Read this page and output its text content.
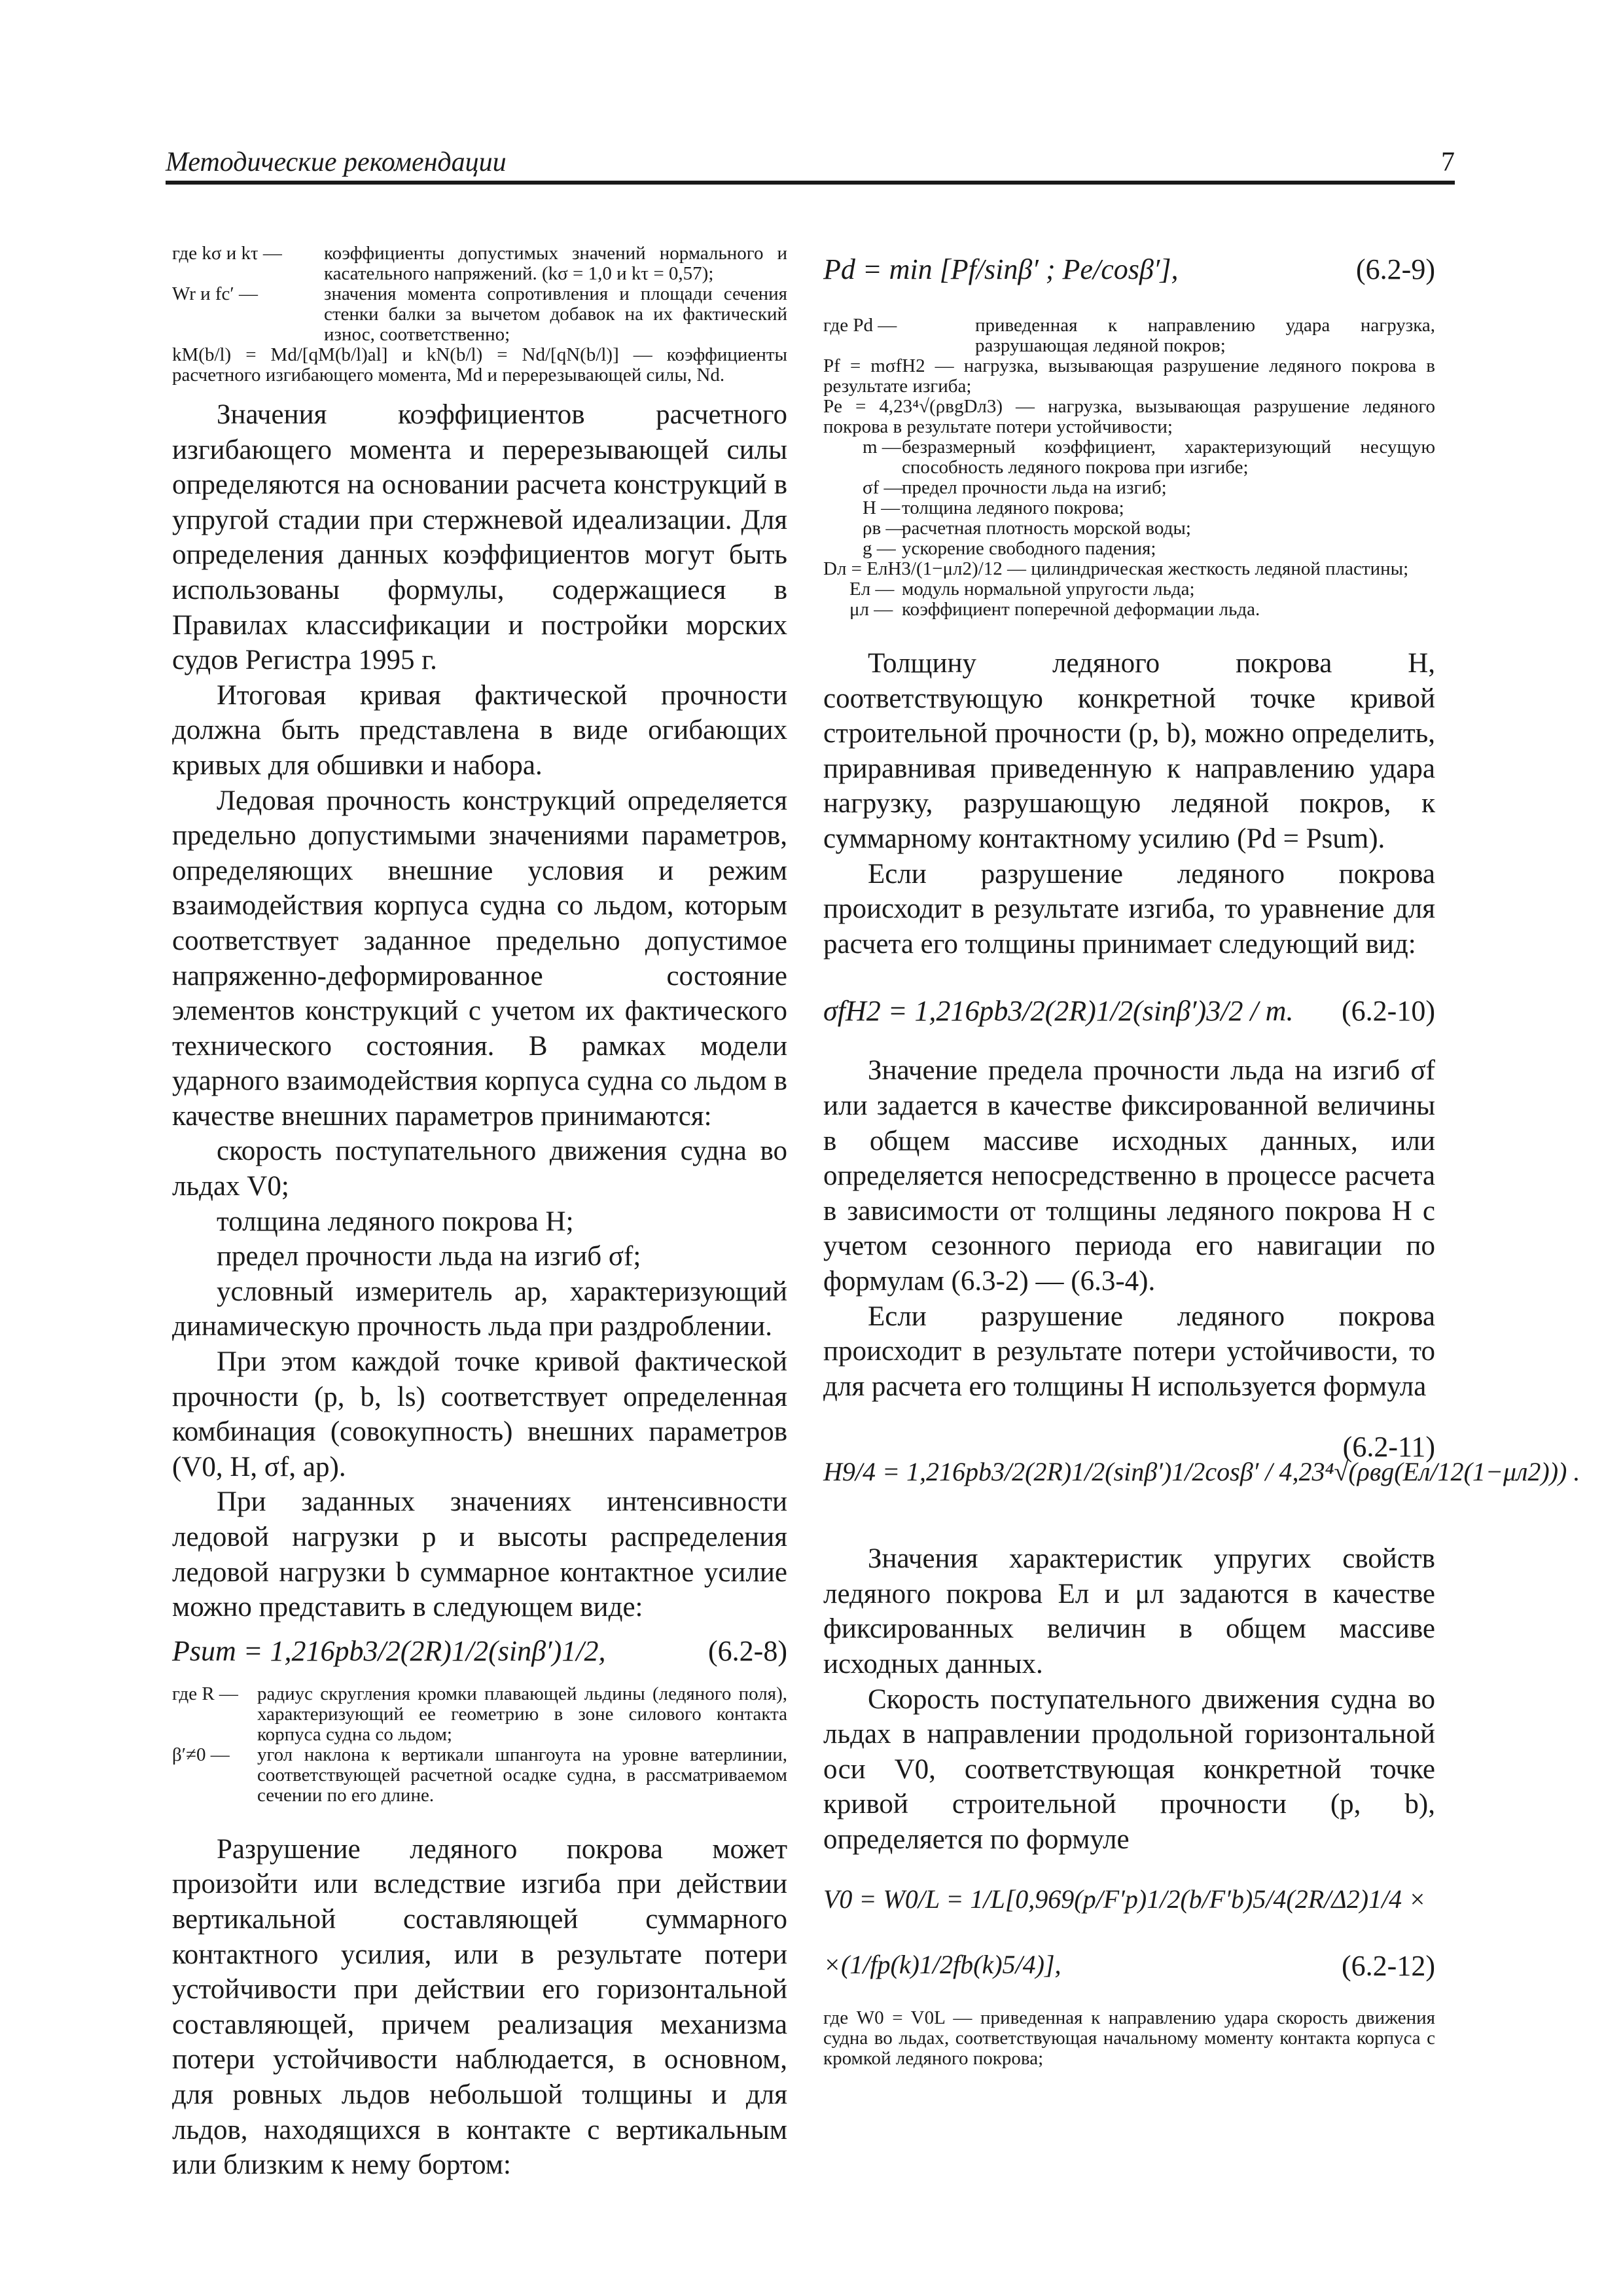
Методические рекомендации	7

где kσ и kτ — коэффициенты допустимых значений нормального и касательного напряжений. (kσ = 1,0 и kτ = 0,57);

Wr и fc′ —	значения момента сопротивления и площади сечения стенки балки за вычетом добавок на их фактический износ, соответственно;

kM(b/l) = Md/[qM(b/l)al] и kN(b/l) = Nd/[qN(b/l)] — коэффициенты расчетного изгибающего момента, Md и перерезывающей силы, Nd.

Значения коэффициентов расчетного изгибающего момента и перерезывающей силы определяются на основании расчета конструкций в упругой стадии при стержневой идеализации. Для определения данных коэффициентов могут быть использованы формулы, содержащиеся в Правилах классификации и постройки морских судов Регистра 1995 г.

Итоговая кривая фактической прочности должна быть представлена в виде огибающих кривых для обшивки и набора.

Ледовая прочность конструкций определяется предельно допустимыми значениями параметров, определяющих внешние условия и режим взаимодействия корпуса судна со льдом, которым соответствует заданное предельно допустимое напряженно-деформированное состояние элементов конструкций с учетом их фактического технического состояния. В рамках модели ударного взаимодействия корпуса судна со льдом в качестве внешних параметров принимаются:

скорость поступательного движения судна во льдах V0;

толщина ледяного покрова H;

предел прочности льда на изгиб σf;

условный измеритель ap, характеризующий динамическую прочность льда при раздроблении.

При этом каждой точке кривой фактической прочности (p, b, ls) соответствует определенная комбинация (совокупность) внешних параметров (V0, H, σf, ap).

При заданных значениях интенсивности ледовой нагрузки p и высоты распределения ледовой нагрузки b суммарное контактное усилие можно представить в следующем виде:

Psum = 1,216pb3/2(2R)1/2(sinβ′)1/2,	(6.2-8)

где R — радиус скругления кромки плавающей льдины (ледяного поля), характеризующий ее геометрию в зоне силового контакта корпуса судна со льдом;

β′≠0 — угол наклона к вертикали шпангоута на уровне ватерлинии, соответствующей расчетной осадке судна, в рассматриваемом сечении по его длине.

Разрушение ледяного покрова может произойти или вследствие изгиба при действии вертикальной составляющей суммарного контактного усилия, или в результате потери устойчивости при действии его горизонтальной составляющей, причем реализация механизма потери устойчивости наблюдается, в основном, для ровных льдов небольшой толщины и для льдов, находящихся в контакте с вертикальным или близким к нему бортом:

Pd = min [Pf/sinβ′ ; Pe/cosβ′],	(6.2-9)

где Pd —	приведенная к направлению удара нагрузка, разрушающая ледяной покров;

Pf = mσfH2 — нагрузка, вызывающая разрушение ледяного покрова в результате изгиба;

Pe = 4,23⁴√(ρвgDл3) — нагрузка, вызывающая разрушение ледяного покрова в результате потери устойчивости;

m — безразмерный коэффициент, характеризующий несущую способность ледяного покрова при изгибе;

σf —
предел прочности льда на изгиб;

H — толщина ледяного покрова;

ρв —
расчетная плотность морской воды;

g — ускорение свободного падения;

Dл = EлH3/(1−μл2)/12 — цилиндрическая жесткость ледяной пластины;

Eл — модуль нормальной упругости льда;

μл — коэффициент поперечной деформации льда.

Толщину ледяного покрова H, соответствующую конкретной точке кривой строительной прочности (p, b), можно определить, приравнивая приведенную к направлению удара нагрузку, разрушающую ледяной покров, к суммарному контактному усилию (Pd = Psum).

Если разрушение ледяного покрова происходит в результате изгиба, то уравнение для расчета его толщины принимает следующий вид:

σfH2 = 1,216pb3/2(2R)1/2(sinβ′)3/2 / m. (6.2-10)

Значение предела прочности льда на изгиб σf или задается в качестве фиксированной величины в общем массиве исходных данных, или определяется непосредственно в процессе расчета в зависимости от толщины ледяного покрова H с учетом сезонного периода его навигации по формулам (6.3-2) — (6.3-4).

Если разрушение ледяного покрова происходит в результате потери устойчивости, то для расчета его толщины H используется формула

H9/4 = 1,216pb3/2(2R)1/2(sinβ′)1/2cosβ′ / 4,23⁴√(ρвg(Eл/12(1−μл2))) .
(6.2-11)

Значения характеристик упругих свойств ледяного покрова Eл и μл задаются в качестве фиксированных величин в общем массиве исходных данных.

Скорость поступательного движения судна во льдах в направлении продольной горизонтальной оси V0, соответствующая конкретной точке кривой строительной прочности (p, b), определяется по формуле

V0 = W0/L = 1/L[0,969(p/F′p)1/2(b/F′b)5/4(2R/Δ2)1/4 ×
×(1/fp(k)1/2fb(k)5/4)],	(6.2-12)

где W0 = V0L — приведенная к направлению удара скорость движения судна во льдах, соответствующая начальному моменту контакта корпуса с кромкой ледяного покрова;
